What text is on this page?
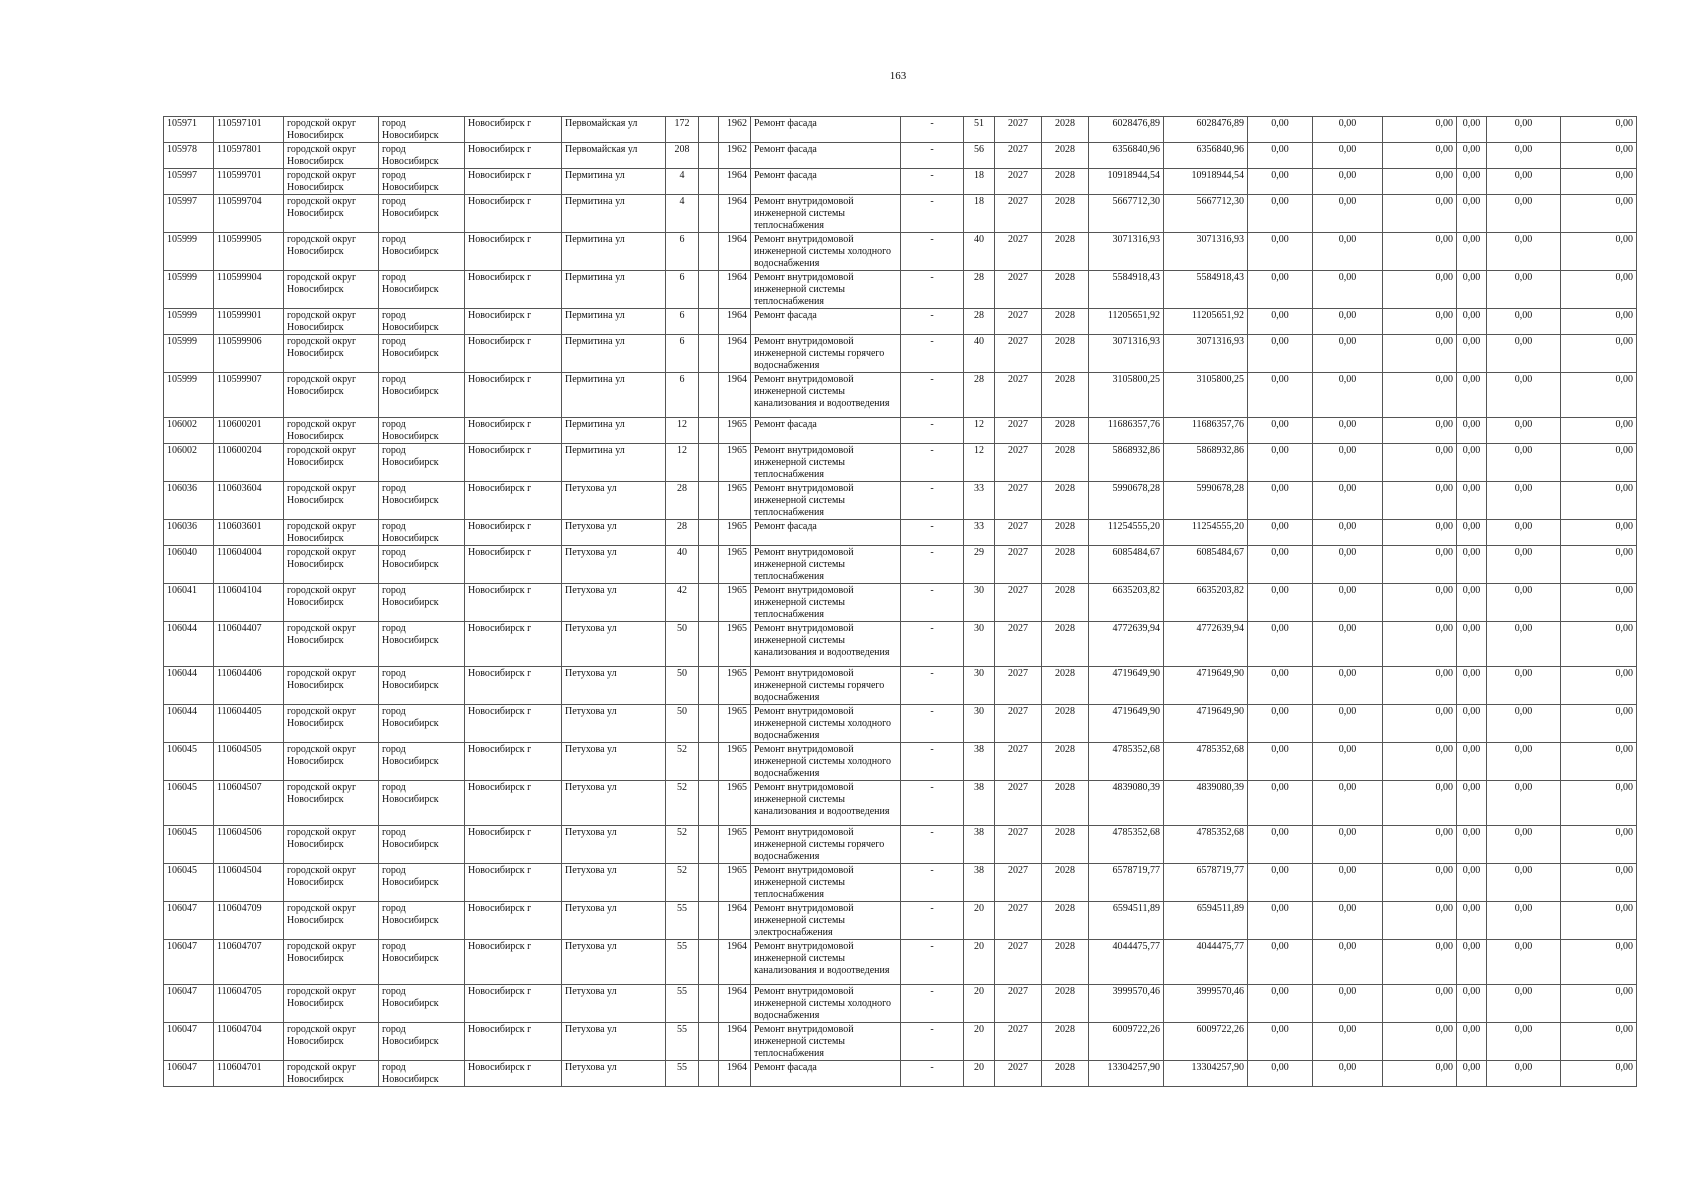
163
105971	110597101	городской округ Новосибирск	город Новосибирск	Новосибирск г	Первомайская ул	172		1962	Ремонт фасада	-	51	2027	2028	6028476,89	6028476,89	0,00	0,00	0,00	0,00	0,00	0,00
105978	110597801	городской округ Новосибирск	город Новосибирск	Новосибирск г	Первомайская ул	208		1962	Ремонт фасада	-	56	2027	2028	6356840,96	6356840,96	0,00	0,00	0,00	0,00	0,00	0,00
105997	110599701	городской округ Новосибирск	город Новосибирск	Новосибирск г	Пермитина ул	4		1964	Ремонт фасада	-	18	2027	2028	10918944,54	10918944,54	0,00	0,00	0,00	0,00	0,00	0,00
105997	110599704	городской округ Новосибирск	город Новосибирск	Новосибирск г	Пермитина ул	4		1964	Ремонт внутридомовой инженерной системы теплоснабжения	-	18	2027	2028	5667712,30	5667712,30	0,00	0,00	0,00	0,00	0,00	0,00
105999	110599905	городской округ Новосибирск	город Новосибирск	Новосибирск г	Пермитина ул	6		1964	Ремонт внутридомовой инженерной системы холодного водоснабжения	-	40	2027	2028	3071316,93	3071316,93	0,00	0,00	0,00	0,00	0,00	0,00
105999	110599904	городской округ Новосибирск	город Новосибирск	Новосибирск г	Пермитина ул	6		1964	Ремонт внутридомовой инженерной системы теплоснабжения	-	28	2027	2028	5584918,43	5584918,43	0,00	0,00	0,00	0,00	0,00	0,00
105999	110599901	городской округ Новосибирск	город Новосибирск	Новосибирск г	Пермитина ул	6		1964	Ремонт фасада	-	28	2027	2028	11205651,92	11205651,92	0,00	0,00	0,00	0,00	0,00	0,00
105999	110599906	городской округ Новосибирск	город Новосибирск	Новосибирск г	Пермитина ул	6		1964	Ремонт внутридомовой инженерной системы горячего водоснабжения	-	40	2027	2028	3071316,93	3071316,93	0,00	0,00	0,00	0,00	0,00	0,00
105999	110599907	городской округ Новосибирск	город Новосибирск	Новосибирск г	Пермитина ул	6		1964	Ремонт внутридомовой инженерной системы канализования и водоотведения	-	28	2027	2028	3105800,25	3105800,25	0,00	0,00	0,00	0,00	0,00	0,00
106002	110600201	городской округ Новосибирск	город Новосибирск	Новосибирск г	Пермитина ул	12		1965	Ремонт фасада	-	12	2027	2028	11686357,76	11686357,76	0,00	0,00	0,00	0,00	0,00	0,00
106002	110600204	городской округ Новосибирск	город Новосибирск	Новосибирск г	Пермитина ул	12		1965	Ремонт внутридомовой инженерной системы теплоснабжения	-	12	2027	2028	5868932,86	5868932,86	0,00	0,00	0,00	0,00	0,00	0,00
106036	110603604	городской округ Новосибирск	город Новосибирск	Новосибирск г	Петухова ул	28		1965	Ремонт внутридомовой инженерной системы теплоснабжения	-	33	2027	2028	5990678,28	5990678,28	0,00	0,00	0,00	0,00	0,00	0,00
106036	110603601	городской округ Новосибирск	город Новосибирск	Новосибирск г	Петухова ул	28		1965	Ремонт фасада	-	33	2027	2028	11254555,20	11254555,20	0,00	0,00	0,00	0,00	0,00	0,00
106040	110604004	городской округ Новосибирск	город Новосибирск	Новосибирск г	Петухова ул	40		1965	Ремонт внутридомовой инженерной системы теплоснабжения	-	29	2027	2028	6085484,67	6085484,67	0,00	0,00	0,00	0,00	0,00	0,00
106041	110604104	городской округ Новосибирск	город Новосибирск	Новосибирск г	Петухова ул	42		1965	Ремонт внутридомовой инженерной системы теплоснабжения	-	30	2027	2028	6635203,82	6635203,82	0,00	0,00	0,00	0,00	0,00	0,00
106044	110604407	городской округ Новосибирск	город Новосибирск	Новосибирск г	Петухова ул	50		1965	Ремонт внутридомовой инженерной системы канализования и водоотведения	-	30	2027	2028	4772639,94	4772639,94	0,00	0,00	0,00	0,00	0,00	0,00
106044	110604406	городской округ Новосибирск	город Новосибирск	Новосибирск г	Петухова ул	50		1965	Ремонт внутридомовой инженерной системы горячего водоснабжения	-	30	2027	2028	4719649,90	4719649,90	0,00	0,00	0,00	0,00	0,00	0,00
106044	110604405	городской округ Новосибирск	город Новосибирск	Новосибирск г	Петухова ул	50		1965	Ремонт внутридомовой инженерной системы холодного водоснабжения	-	30	2027	2028	4719649,90	4719649,90	0,00	0,00	0,00	0,00	0,00	0,00
106045	110604505	городской округ Новосибирск	город Новосибирск	Новосибирск г	Петухова ул	52		1965	Ремонт внутридомовой инженерной системы холодного водоснабжения	-	38	2027	2028	4785352,68	4785352,68	0,00	0,00	0,00	0,00	0,00	0,00
106045	110604507	городской округ Новосибирск	город Новосибирск	Новосибирск г	Петухова ул	52		1965	Ремонт внутридомовой инженерной системы канализования и водоотведения	-	38	2027	2028	4839080,39	4839080,39	0,00	0,00	0,00	0,00	0,00	0,00
106045	110604506	городской округ Новосибирск	город Новосибирск	Новосибирск г	Петухова ул	52		1965	Ремонт внутридомовой инженерной системы горячего водоснабжения	-	38	2027	2028	4785352,68	4785352,68	0,00	0,00	0,00	0,00	0,00	0,00
106045	110604504	городской округ Новосибирск	город Новосибирск	Новосибирск г	Петухова ул	52		1965	Ремонт внутридомовой инженерной системы теплоснабжения	-	38	2027	2028	6578719,77	6578719,77	0,00	0,00	0,00	0,00	0,00	0,00
106047	110604709	городской округ Новосибирск	город Новосибирск	Новосибирск г	Петухова ул	55		1964	Ремонт внутридомовой инженерной системы электроснабжения	-	20	2027	2028	6594511,89	6594511,89	0,00	0,00	0,00	0,00	0,00	0,00
106047	110604707	городской округ Новосибирск	город Новосибирск	Новосибирск г	Петухова ул	55		1964	Ремонт внутридомовой инженерной системы канализования и водоотведения	-	20	2027	2028	4044475,77	4044475,77	0,00	0,00	0,00	0,00	0,00	0,00
106047	110604705	городской округ Новосибирск	город Новосибирск	Новосибирск г	Петухова ул	55		1964	Ремонт внутридомовой инженерной системы холодного водоснабжения	-	20	2027	2028	3999570,46	3999570,46	0,00	0,00	0,00	0,00	0,00	0,00
106047	110604704	городской округ Новосибирск	город Новосибирск	Новосибирск г	Петухова ул	55		1964	Ремонт внутридомовой инженерной системы теплоснабжения	-	20	2027	2028	6009722,26	6009722,26	0,00	0,00	0,00	0,00	0,00	0,00
106047	110604701	городской округ Новосибирск	город Новосибирск	Новосибирск г	Петухова ул	55		1964	Ремонт фасада	-	20	2027	2028	13304257,90	13304257,90	0,00	0,00	0,00	0,00	0,00	0,00
